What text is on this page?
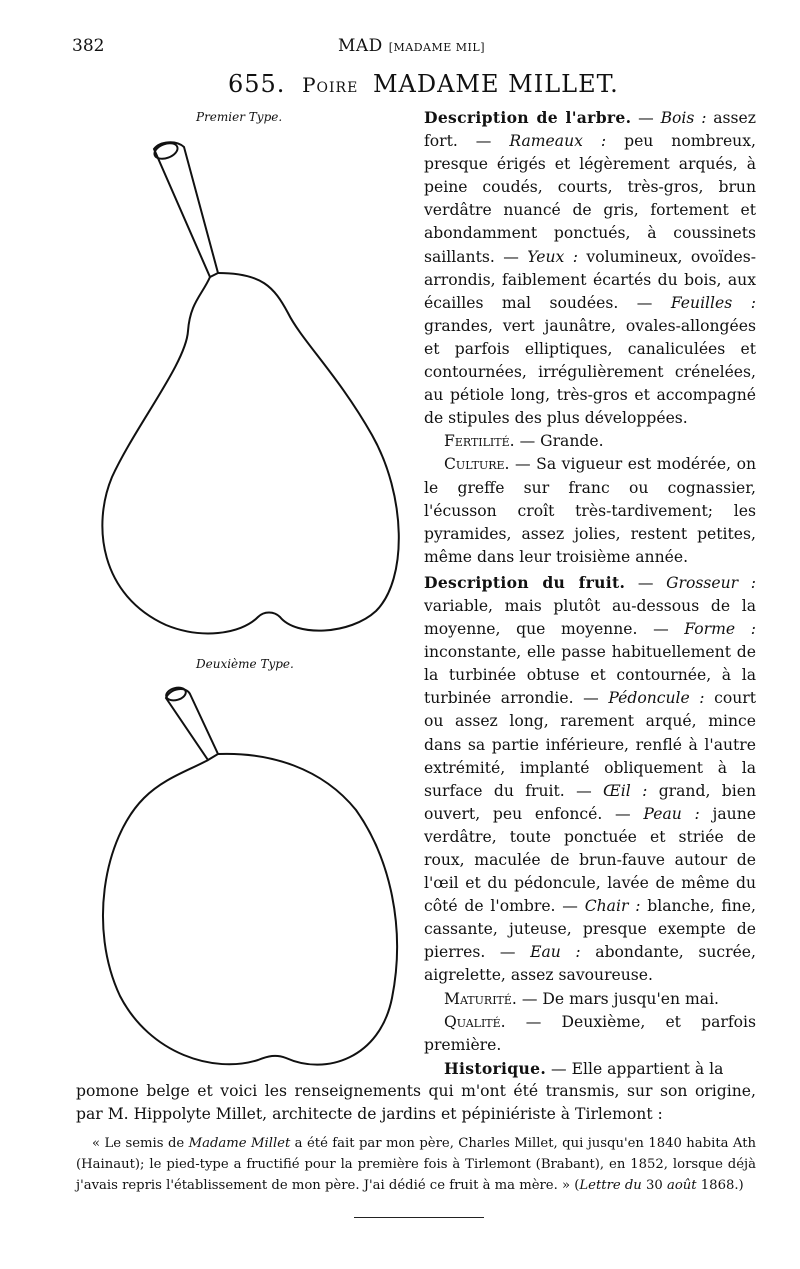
382	MAD [MADAME MIL]
655. Poire MADAME MILLET.
Premier Type.
Deuxième Type.

Description de l'arbre. — Bois : assez fort. — Rameaux : peu nombreux, presque érigés et légèrement arqués, à peine coudés, courts, très-gros, brun verdâtre nuancé de gris, fortement et abondamment ponctués, à coussinets saillants. — Yeux : volumineux, ovoïdes-arrondis, faiblement écartés du bois, aux écailles mal soudées. — Feuilles : grandes, vert jaunâtre, ovales-allongées et parfois elliptiques, canaliculées et contournées, irrégulièrement crénelées, au pétiole long, très-gros et accompagné de stipules des plus développées.

Fertilité. — Grande.

Culture. — Sa vigueur est modérée, on le greffe sur franc ou cognassier, l'écusson croît très-tardivement; les pyramides, assez jolies, restent petites, même dans leur troisième année.

Description du fruit. — Grosseur : variable, mais plutôt au-dessous de la moyenne, que moyenne. — Forme : inconstante, elle passe habituellement de la turbinée obtuse et contournée, à la turbinée arrondie. — Pédoncule : court ou assez long, rarement arqué, mince dans sa partie inférieure, renflé à l'autre extrémité, implanté obliquement à la surface du fruit. — Œil : grand, bien ouvert, peu enfoncé. — Peau : jaune verdâtre, toute ponctuée et striée de roux, maculée de brun-fauve autour de l'œil et du pédoncule, lavée de même du côté de l'ombre. — Chair : blanche, fine, cassante, juteuse, presque exempte de pierres. — Eau : abondante, sucrée, aigrelette, assez savoureuse.

Maturité. — De mars jusqu'en mai.

Qualité. — Deuxième, et parfois première.

Historique. — Elle appartient à la

pomone belge et voici les renseignements qui m'ont été transmis, sur son origine, par M. Hippolyte Millet, architecte de jardins et pépiniériste à Tirlemont :

« Le semis de Madame Millet a été fait par mon père, Charles Millet, qui jusqu'en 1840 habita Ath (Hainaut); le pied-type a fructifié pour la première fois à Tirlemont (Brabant), en 1852, lorsque déjà j'avais repris l'établissement de mon père. J'ai dédié ce fruit à ma mère. » (Lettre du 30 août 1868.)
